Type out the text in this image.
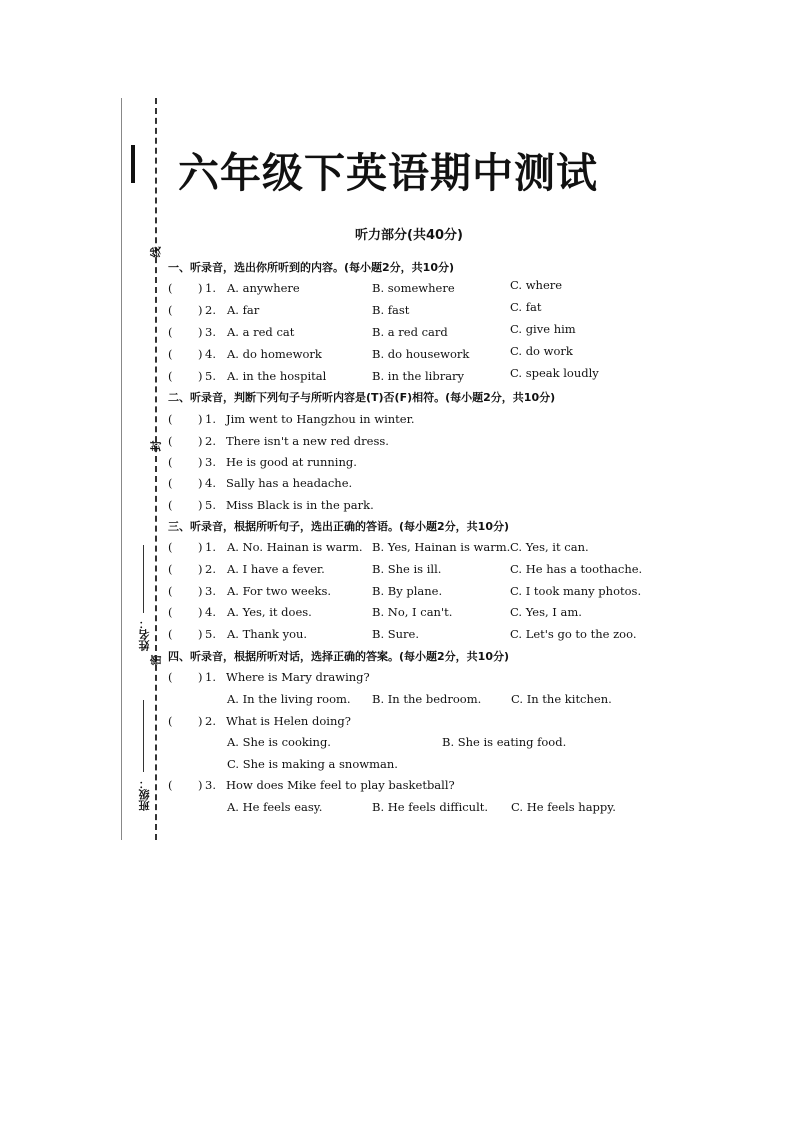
线
封
密
姓名：
班级：
六年级下英语期中测试
听力部分(共40分)
一、听录音，选出你所听到的内容。(每小题2分，共10分)
( ) 1. A. anywhere	B. somewhere	C. where
( ) 2. A. far	B. fast	C. fat
( ) 3. A. a red cat	B. a red card	C. give him
( ) 4. A. do homework	B. do housework	C. do work
( ) 5. A. in the hospital	B. in the library	C. speak loudly
二、听录音，判断下列句子与所听内容是(T)否(F)相符。(每小题2分，共10分)
( ) 1. Jim went to Hangzhou in winter.
( ) 2. There isn't a new red dress.
( ) 3. He is good at running.
( ) 4. Sally has a headache.
( ) 5. Miss Black is in the park.
三、听录音，根据所听句子，选出正确的答语。(每小题2分，共10分)
( ) 1. A. No. Hainan is warm. B. Yes, Hainan is warm. C. Yes, it can.
( ) 2. A. I have a fever.	B. She is ill.	C. He has a toothache.
( ) 3. A. For two weeks.	B. By plane.	C. I took many photos.
( ) 4. A. Yes, it does.	B. No, I can't.	C. Yes, I am.
( ) 5. A. Thank you.	B. Sure.	C. Let's go to the zoo.
四、听录音，根据所听对话，选择正确的答案。(每小题2分，共10分)
( ) 1. Where is Mary drawing?
A. In the living room. B. In the bedroom.	C. In the kitchen.
( ) 2. What is Helen doing?
A. She is cooking.	B. She is eating food.
C. She is making a snowman.
( ) 3. How does Mike feel to play basketball?
A. He feels easy.	B. He feels difficult. C. He feels happy.
